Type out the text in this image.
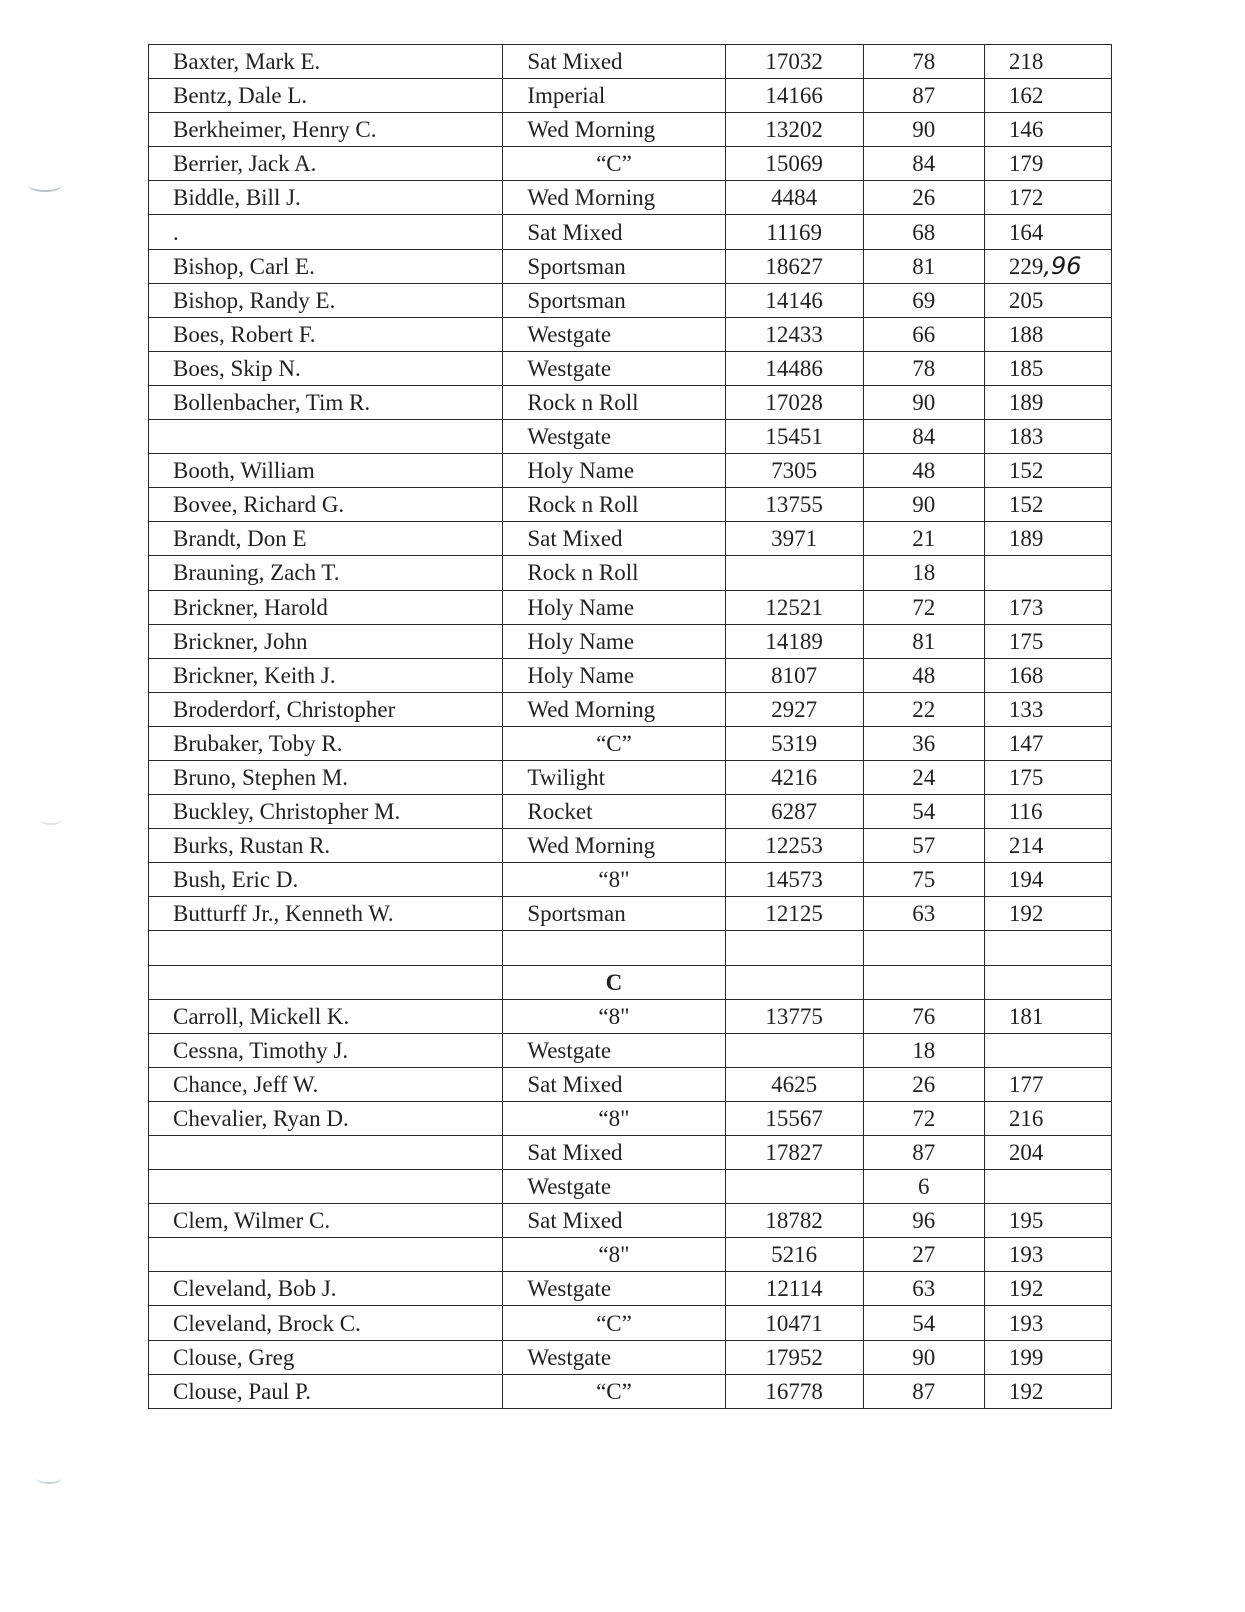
Baxter, Mark E.	Sat Mixed	17032	78	218
Bentz, Dale L.	Imperial	14166	87	162
Berkheimer, Henry C.	Wed Morning	13202	90	146
Berrier, Jack A.	“C”	15069	84	179
Biddle, Bill J.	Wed Morning	4484	26	172
.	Sat Mixed	11169	68	164
Bishop, Carl E.	Sportsman	18627	81	229,96
Bishop, Randy E.	Sportsman	14146	69	205
Boes, Robert F.	Westgate	12433	66	188
Boes, Skip N.	Westgate	14486	78	185
Bollenbacher, Tim R.	Rock n Roll	17028	90	189
	Westgate	15451	84	183
Booth, William	Holy Name	7305	48	152
Bovee, Richard G.	Rock n Roll	13755	90	152
Brandt, Don E	Sat Mixed	3971	21	189
Brauning, Zach T.	Rock n Roll		18	
Brickner, Harold	Holy Name	12521	72	173
Brickner, John	Holy Name	14189	81	175
Brickner, Keith J.	Holy Name	8107	48	168
Broderdorf, Christopher	Wed Morning	2927	22	133
Brubaker, Toby R.	“C”	5319	36	147
Bruno, Stephen M.	Twilight	4216	24	175
Buckley, Christopher M.	Rocket	6287	54	116
Burks, Rustan R.	Wed Morning	12253	57	214
Bush, Eric D.	“8"	14573	75	194
Butturff Jr., Kenneth W.	Sportsman	12125	63	192

	C			
Carroll, Mickell K.	“8"	13775	76	181
Cessna, Timothy J.	Westgate		18	
Chance, Jeff W.	Sat Mixed	4625	26	177
Chevalier, Ryan D.	“8"	15567	72	216
	Sat Mixed	17827	87	204
	Westgate		6	
Clem, Wilmer C.	Sat Mixed	18782	96	195
	“8"	5216	27	193
Cleveland, Bob J.	Westgate	12114	63	192
Cleveland, Brock C.	“C”	10471	54	193
Clouse, Greg	Westgate	17952	90	199
Clouse, Paul P.	“C”	16778	87	192
